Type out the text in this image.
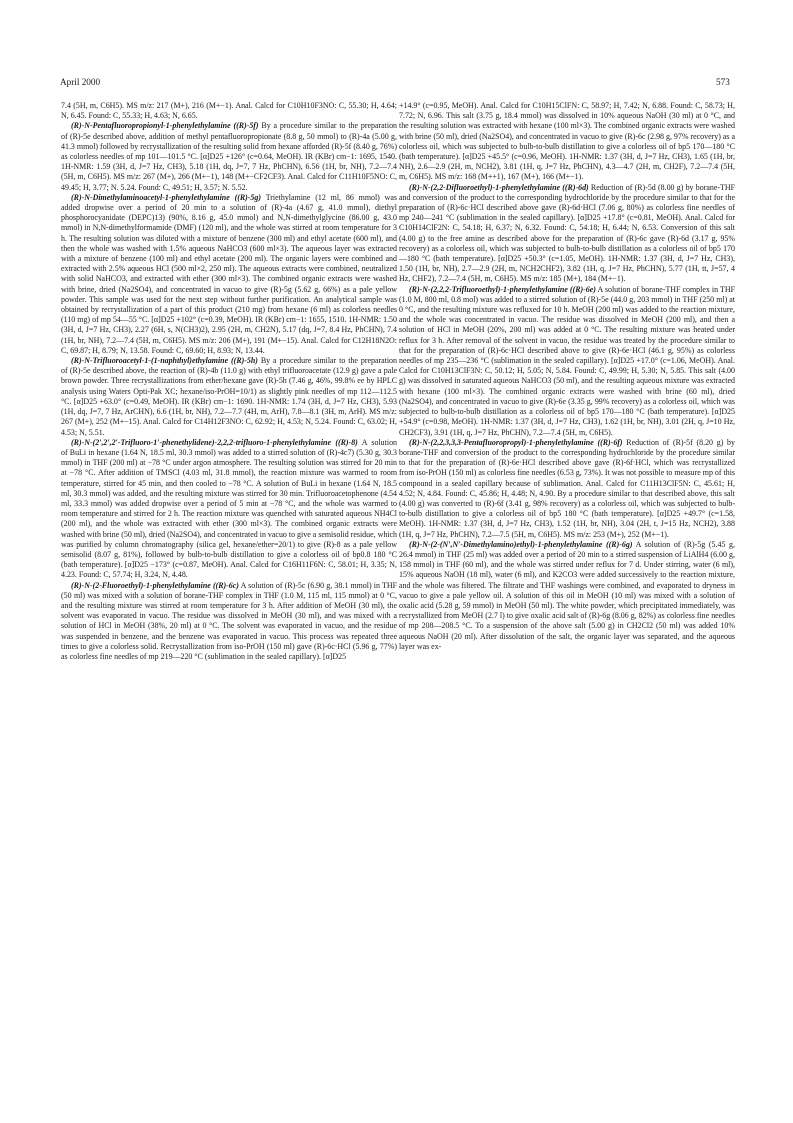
April 2000	573

7.4 (5H, m, C6H5). MS m/z: 217 (M+), 216 (M+−1). Anal. Calcd for C10H10F3NO: C, 55.30; H, 4.64; N, 6.45. Found: C, 55.33; H, 4.63; N, 6.65.

(R)-N-Pentafluoropropionyl-1-phenylethylamine ((R)-5f) By a procedure similar to the preparation of (R)-5e described above, addition of methyl pentafluoropropionate (8.8 g, 50 mmol) to (R)-4a (5.00 g, 41.3 mmol) followed by recrystallization of the resulting solid from hexane afforded (R)-5f (8.40 g, 76%) as colorless needles of mp 101—101.5 °C. [α]D25 +126° (c=0.64, MeOH). IR (KBr) cm−1: 1695, 1540. 1H-NMR: 1.59 (3H, d, J=7 Hz, CH3), 5.18 (1H, dq, J=7, 7 Hz, PhCHN), 6.56 (1H, br, NH), 7.2—7.4 (5H, m, C6H5). MS m/z: 267 (M+), 266 (M+−1), 148 (M+−CF2CF3). Anal. Calcd for C11H10F5NO: C, 49.45; H, 3.77; N. 5.24. Found: C, 49.51; H, 3.57; N. 5.52.

(R)-N-Dimethylaminoacetyl-1-phenylethylamine ((R)-5g) Triethylamine (12 ml, 86 mmol) was added dropwise over a period of 20 min to a solution of (R)-4a (4.67 g, 41.0 mmol), diethyl phosphorocyanidate (DEPC)13) (90%, 8.16 g, 45.0 mmol) and N,N-dimethylglycine (86.00 g, 43.0 mmol) in N,N-dimethylformamide (DMF) (120 ml), and the whole was stirred at room temperature for 3 h. The resulting solution was diluted with a mixture of benzene (300 ml) and ethyl acetate (600 ml), and then the whole was washed with 1.5% aqueous NaHCO3 (600 ml×3). The aqueous layer was extracted with a mixture of benzene (100 ml) and ethyl acetate (200 ml). The organic layers were combined and extracted with 2.5% aqueous HCl (500 ml×2, 250 ml). The aqueous extracts were combined, neutralized with solid NaHCO3, and extracted with ether (300 ml×3). The combined organic extracts were washed with brine, dried (Na2SO4), and concentrated in vacuo to give (R)-5g (5.62 g, 66%) as a pale yellow powder. This sample was used for the next step without further purification. An analytical sample was obtained by recrystallization of a part of this product (210 mg) from hexane (6 ml) as colorless needles (110 mg) of mp 54—55 °C. [α]D25 +102° (c=0.39, MeOH). IR (KBr) cm−1: 1655, 1510. 1H-NMR: 1.50 (3H, d, J=7 Hz, CH3), 2.27 (6H, s, N(CH3)2), 2.95 (2H, m, CH2N), 5.17 (dq, J=7, 8.4 Hz, PhCHN), 7.4 (1H, br, NH), 7.2—7.4 (5H, m, C6H5). MS m/z: 206 (M+), 191 (M+−15). Anal. Calcd for C12H18N2O: C, 69.87; H, 8.79; N, 13.58. Found: C, 69.60; H, 8.93; N, 13.44.

(R)-N-Trifluoroacetyl-1-(1-naphthyl)ethylamine ((R)-5h) By a procedure similar to the preparation of (R)-5e described above, the reaction of (R)-4b (11.0 g) with ethyl trifluoroacetate (12.9 g) gave a pale brown powder. Three recrystallizations from ether/hexane gave (R)-5h (7.46 g, 46%, 99.8% ee by HPLC analysis using Waters Opti-Pak XC; hexane/iso-PrOH=10/1) as slightly pink needles of mp 112—112.5 °C. [α]D25 +63.0° (c=0.49, MeOH). IR (KBr) cm−1: 1690. 1H-NMR: 1.74 (3H, d, J=7 Hz, CH3), 5.93 (1H, dq, J=7, 7 Hz, ArCHN), 6.6 (1H, br, NH), 7.2—7.7 (4H, m, ArH), 7.8—8.1 (3H, m, ArH). MS m/z: 267 (M+), 252 (M+−15). Anal. Calcd for C14H12F3NO: C, 62.92; H, 4.53; N, 5.24. Found: C, 63.02; H, 4.53; N, 5.51.

(R)-N-(2′,2′,2′-Trifluoro-1′-phenethylidene)-2,2,2-trifluoro-1-phenylethylamine ((R)-8) A solution of BuLi in hexane (1.64 N, 18.5 ml, 30.3 mmol) was added to a stirred solution of (R)-4c7) (5.30 g, 30.3 mmol) in THF (200 ml) at −78 °C under argon atmosphere. The resulting solution was stirred for 20 min at −78 °C. After addition of TMSCl (4.03 ml, 31.8 mmol), the reaction mixture was warmed to room temperature, stirred for 45 min, and then cooled to −78 °C. A solution of BuLi in hexane (1.64 N, 18.5 ml, 30.3 mmol) was added, and the resulting mixture was stirred for 30 min. Trifluoroacetophenone (4.54 ml, 33.3 mmol) was added dropwise over a period of 5 min at −78 °C, and the whole was warmed to room temperature and stirred for 2 h. The reaction mixture was quenched with saturated aqueous NH4Cl (200 ml), and the whole was extracted with ether (300 ml×3). The combined organic extracts were washed with brine (50 ml), dried (Na2SO4), and concentrated in vacuo to give a semisolid residue, which was purified by column chromatography (silica gel, hexane/ether=20/1) to give (R)-8 as a pale yellow semisolid (8.07 g, 81%), followed by bulb-to-bulb distillation to give a colorless oil of bp0.8 180 °C (bath temperature). [α]D25 −173° (c=0.87, MeOH). Anal. Calcd for C16H11F6N: C, 58.01; H, 3.35; N, 4.23. Found: C, 57.74; H, 3.24, N, 4.48.

(R)-N-(2-Fluoroethyl)-1-phenylethylamine ((R)-6c) A solution of (R)-5c (6.90 g, 38.1 mmol) in THF (50 ml) was mixed with a solution of borane-THF complex in THF (1.0 M, 115 ml, 115 mmol) at 0 °C, and the resulting mixture was stirred at room temperature for 3 h. After addition of MeOH (30 ml), the solvent was evaporated in vacuo. The residue was dissolved in MeOH (30 ml), and was mixed with a solution of HCl in MeOH (38%, 20 ml) at 0 °C. The solvent was evaporated in vacuo, and the residue was suspended in benzene, and the benzene was evaporated in vacuo. This process was repeated three times to give a colorless solid. Recrystallization from iso-PrOH (150 ml) gave (R)-6c·HCl (5.96 g, 77%) as colorless fine needles of mp 219—220 °C (sublimation in the sealed capillary). [α]D25

+14.9° (c=0.95, MeOH). Anal. Calcd for C10H15ClFN: C, 58.97; H, 7.42; N, 6.88. Found: C, 58.73; H, 7.72; N, 6.96. This salt (3.75 g, 18.4 mmol) was dissolved in 10% aqueous NaOH (30 ml) at 0 °C, and the resulting solution was extracted with hexane (100 ml×3). The combined organic extracts were washed with brine (50 ml), dried (Na2SO4), and concentrated in vacuo to give (R)-6c (2.98 g, 97% recovery) as a colorless oil, which was subjected to bulb-to-bulb distillation to give a colorless oil of bp5 170—180 °C (bath temperature). [α]D25 +45.5° (c=0.96, MeOH). 1H-NMR: 1.37 (3H, d, J=7 Hz, CH3), 1.65 (1H, br, NH), 2.6—2.9 (2H, m, NCH2), 3.81 (1H, q, J=7 Hz, PhCHN), 4.3—4.7 (2H, m, CH2F), 7.2—7.4 (5H, m, C6H5). MS m/z: 168 (M++1), 167 (M+), 166 (M+−1).

(R)-N-(2,2-Difluoroethyl)-1-phenylethylamine ((R)-6d) Reduction of (R)-5d (8.00 g) by borane-THF and conversion of the product to the corresponding hydrochloride by the procedure similar to that for the preparation of (R)-6c·HCl described above gave (R)-6d·HCl (7.06 g, 80%) as colorless fine needles of mp 240—241 °C (sublimation in the sealed capillary). [α]D25 +17.8° (c=0.81, MeOH). Anal. Calcd for C10H14ClF2N: C, 54.18; H, 6.37; N, 6.32. Found: C, 54.18; H, 6.44; N, 6.53. Conversion of this salt (4.00 g) to the free amine as described above for the preparation of (R)-6c gave (R)-6d (3.17 g, 95% recovery) as a colorless oil, which was subjected to bulb-to-bulb distillation as a colorless oil of bp5 170—180 °C (bath temperature). [α]D25 +50.3° (c=1.05, MeOH). 1H-NMR: 1.37 (3H, d, J=7 Hz, CH3), 1.50 (1H, br, NH), 2.7—2.9 (2H, m, NCH2CHF2), 3.82 (1H, q, J=7 Hz, PhCHN), 5.77 (1H, tt, J=57, 4 Hz, CHF2), 7.2—7.4 (5H, m, C6H5). MS m/z: 185 (M+), 184 (M+−1).

(R)-N-(2,2,2-Trifluoroethyl)-1-phenylethylamine ((R)-6e) A solution of borane-THF complex in THF (1.0 M, 800 ml, 0.8 mol) was added to a stirred solution of (R)-5e (44.0 g, 203 mmol) in THF (250 ml) at 0 °C, and the resulting mixture was refluxed for 10 h. MeOH (200 ml) was added to the reaction mixture, and the whole was concentrated in vacuo. The residue was dissolved in MeOH (200 ml), and then a solution of HCl in MeOH (20%, 200 ml) was added at 0 °C. The resulting mixture was heated under reflux for 3 h. After removal of the solvent in vacuo, the residue was treated by the procedure similar to that for the preparation of (R)-6c·HCl described above to give (R)-6e·HCl (46.1 g, 95%) as colorless needles of mp 235—236 °C (sublimation in the sealed capillary). [α]D25 +17.0° (c=1.06, MeOH). Anal. Calcd for C10H13ClF3N: C, 50.12; H, 5.05; N, 5.84. Found: C, 49.99; H, 5.30; N, 5.85. This salt (4.00 g) was dissolved in saturated aqueous NaHCO3 (50 ml), and the resulting aqueous mixture was extracted with hexane (100 ml×3). The combined organic extracts were washed with brine (60 ml), dried (Na2SO4), and concentrated in vacuo to give (R)-6e (3.35 g, 99% recovery) as a colorless oil, which was subjected to bulb-to-bulb distillation as a colorless oil of bp5 170—180 °C (bath temperature). [α]D25 +54.9° (c=0.98, MeOH). 1H-NMR: 1.37 (3H, d, J=7 Hz, CH3), 1.62 (1H, br, NH), 3.01 (2H, q, J=10 Hz, CH2CF3), 3.91 (1H, q, J=7 Hz, PhCHN), 7.2—7.4 (5H, m, C6H5).

(R)-N-(2,2,3,3,3-Pentafluoropropyl)-1-phenylethylamine ((R)-6f) Reduction of (R)-5f (8.20 g) by borane-THF and conversion of the product to the corresponding hydrochloride by the procedure similar to that for the preparation of (R)-6e·HCl described above gave (R)-6f·HCl, which was recrystallized from iso-PrOH (150 ml) as colorless fine needles (6.53 g, 73%). It was not possible to measure mp of this compound in a sealed capillary because of sublimation. Anal. Calcd for C11H13ClF5N: C, 45.61; H, 4.52; N, 4.84. Found: C, 45.86; H, 4.48; N, 4.90. By a procedure similar to that described above, this salt (4.00 g) was converted to (R)-6f (3.41 g, 98% recovery) as a colorless oil, which was subjected to bulb-to-bulb distillation to give a colorless oil of bp5 180 °C (bath temperature). [α]D25 +49.7° (c=1.58, MeOH). 1H-NMR: 1.37 (3H, d, J=7 Hz, CH3), 1.52 (1H, br, NH), 3.04 (2H, t, J=15 Hz, NCH2), 3.88 (1H, q, J=7 Hz, PhCHN), 7.2—7.5 (5H, m, C6H5). MS m/z: 253 (M+), 252 (M+−1).

(R)-N-(2-(N′,N′-Dimethylamino)ethyl)-1-phenylethylamine ((R)-6g) A solution of (R)-5g (5.45 g, 26.4 mmol) in THF (25 ml) was added over a period of 20 min to a stirred suspension of LiAlH4 (6.00 g, 158 mmol) in THF (60 ml), and the whole was stirred under reflux for 7 d. Under stirring, water (6 ml), 15% aqueous NaOH (18 ml), water (6 ml), and K2CO3 were added successively to the reaction mixture, and the whole was filtered. The filtrate and THF washings were combined, and evaporated to dryness in vacuo to give a pale yellow oil. A solution of this oil in MeOH (10 ml) was mixed with a solution of oxalic acid (5.28 g, 59 mmol) in MeOH (50 ml). The white powder, which precipitated immediately, was recrystallized from MeOH (2.7 l) to give oxalic acid salt of (R)-6g (8.06 g, 82%) as colorless fine needles of mp 208—208.5 °C. To a suspension of the above salt (5.00 g) in CH2Cl2 (50 ml) was added 10% aqueous NaOH (20 ml). After dissolution of the salt, the organic layer was separated, and the aqueous layer was ex-
